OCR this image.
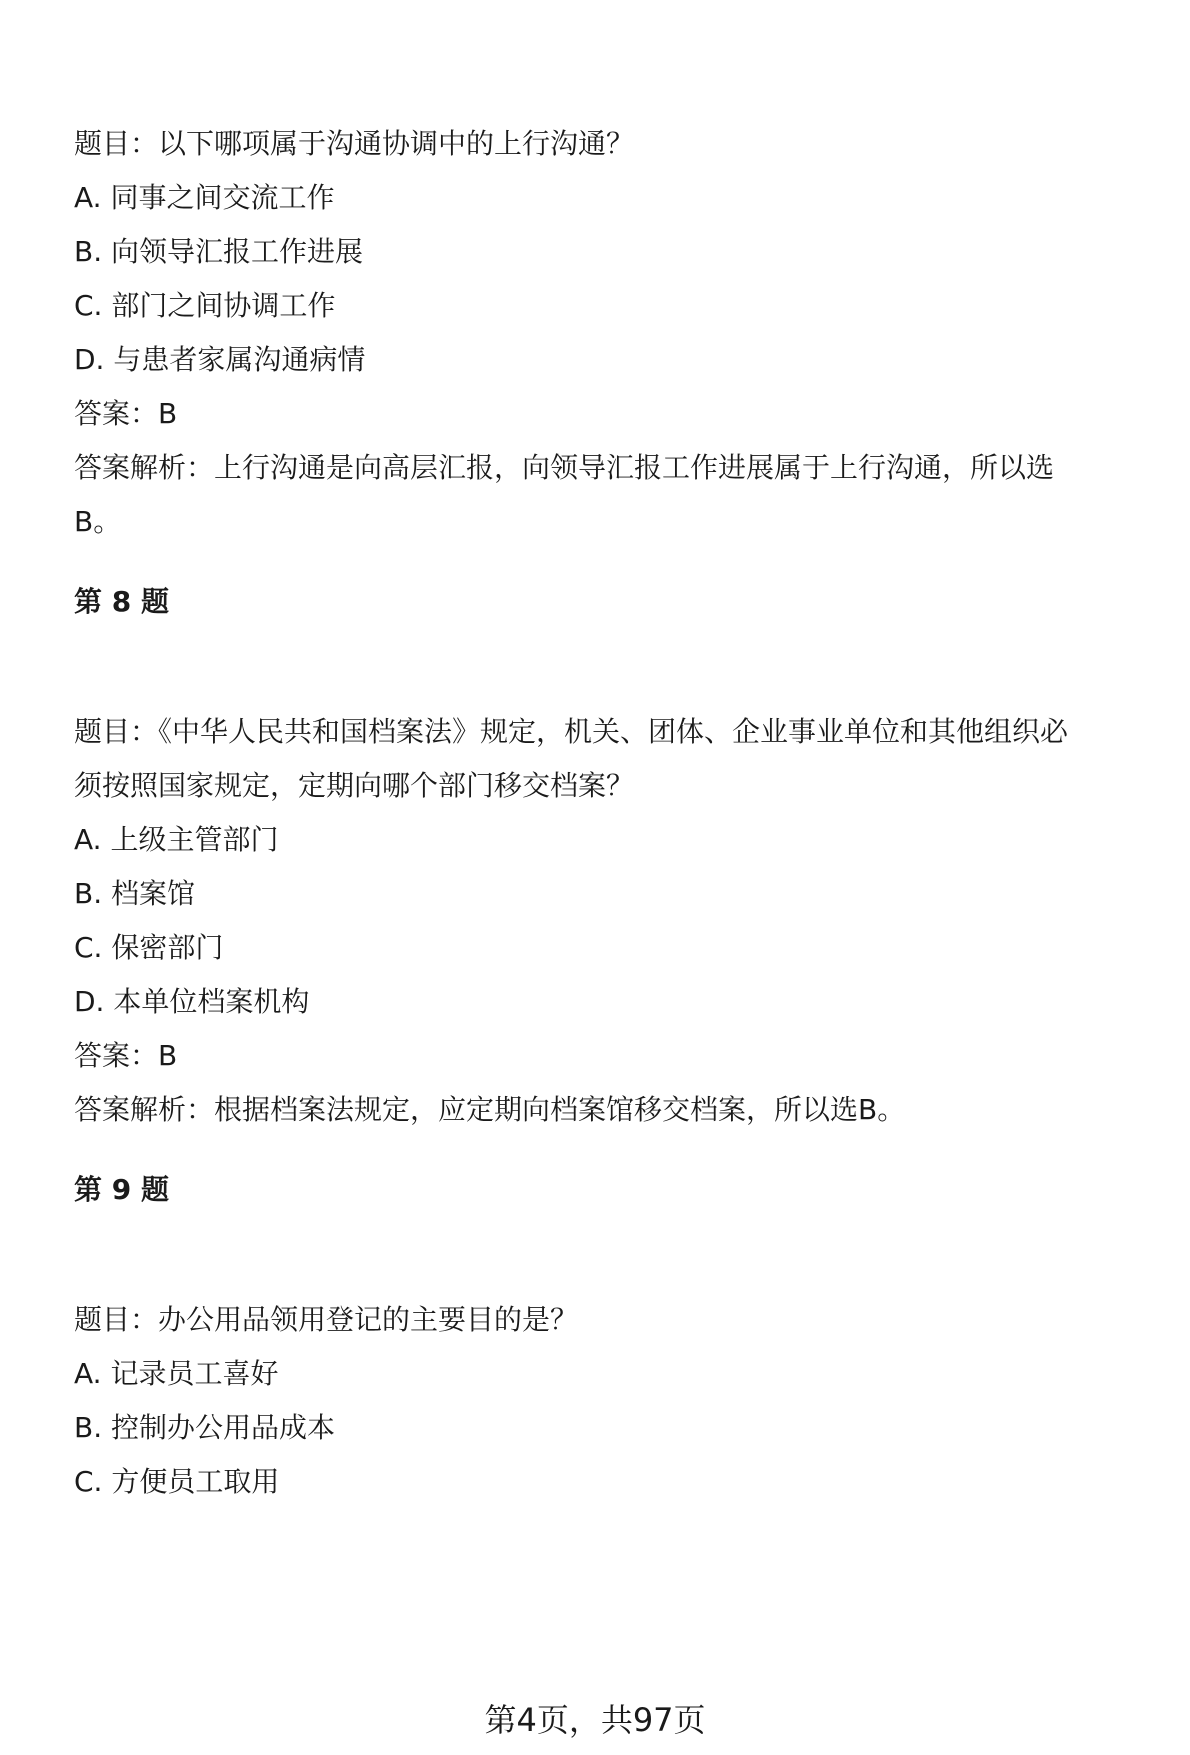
题目：以下哪项属于沟通协调中的上行沟通？
A. 同事之间交流工作
B. 向领导汇报工作进展
C. 部门之间协调工作
D. 与患者家属沟通病情
答案：B
答案解析：上行沟通是向高层汇报，向领导汇报工作进展属于上行沟通，所以选
B。
第 8 题
题目：《中华人民共和国档案法》规定，机关、团体、企业事业单位和其他组织必
须按照国家规定，定期向哪个部门移交档案？
A. 上级主管部门
B. 档案馆
C. 保密部门
D. 本单位档案机构
答案：B
答案解析：根据档案法规定，应定期向档案馆移交档案，所以选B。
第 9 题
题目：办公用品领用登记的主要目的是？
A. 记录员工喜好
B. 控制办公用品成本
C. 方便员工取用
第4页，共97页
